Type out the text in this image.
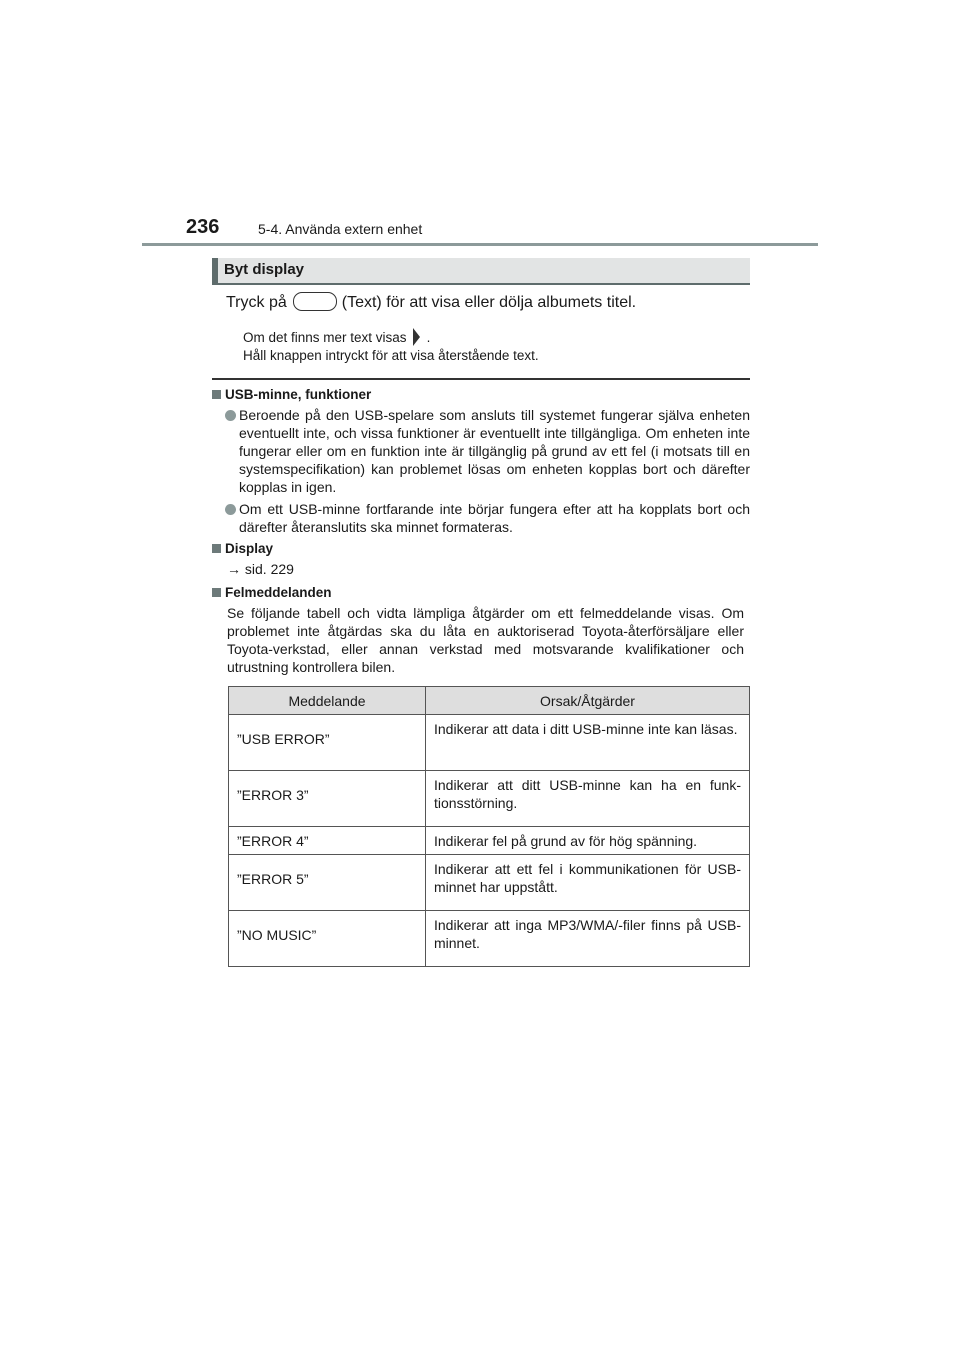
236	5-4. Använda extern enhet
Byt display
Tryck på	(Text) för att visa eller dölja albumets titel.
Om det finns mer text visas .
Håll knappen intryckt för att visa återstående text.
USB-minne, funktioner
Beroende på den USB-spelare som ansluts till systemet fungerar själva enheten eventuellt inte, och vissa funktioner är eventuellt inte tillgängliga. Om enheten inte fungerar eller om en funktion inte är tillgänglig på grund av ett fel (i motsats till en systemspecifikation) kan problemet lösas om enheten kopplas bort och därefter kopplas in igen.
Om ett USB-minne fortfarande inte börjar fungera efter att ha kopplats bort och därefter återanslutits ska minnet formateras.
Display
→ sid. 229
Felmeddelanden
Se följande tabell och vidta lämpliga åtgärder om ett felmeddelande visas. Om problemet inte åtgärdas ska du låta en auktoriserad Toyota-återförsäljare eller Toyota-verkstad, eller annan verkstad med motsvarande kvalifikationer och utrustning kontrollera bilen.
Meddelande	Orsak/Åtgärder
”USB ERROR”	Indikerar att data i ditt USB-minne inte kan läsas.
”ERROR 3”	Indikerar att ditt USB-minne kan ha en funk- tionsstörning.
”ERROR 4”	Indikerar fel på grund av för hög spänning.
”ERROR 5”	Indikerar att ett fel i kommunikationen för USB-minnet har uppstått.
”NO MUSIC”	Indikerar att inga MP3/WMA/-filer finns på USB-minnet.
